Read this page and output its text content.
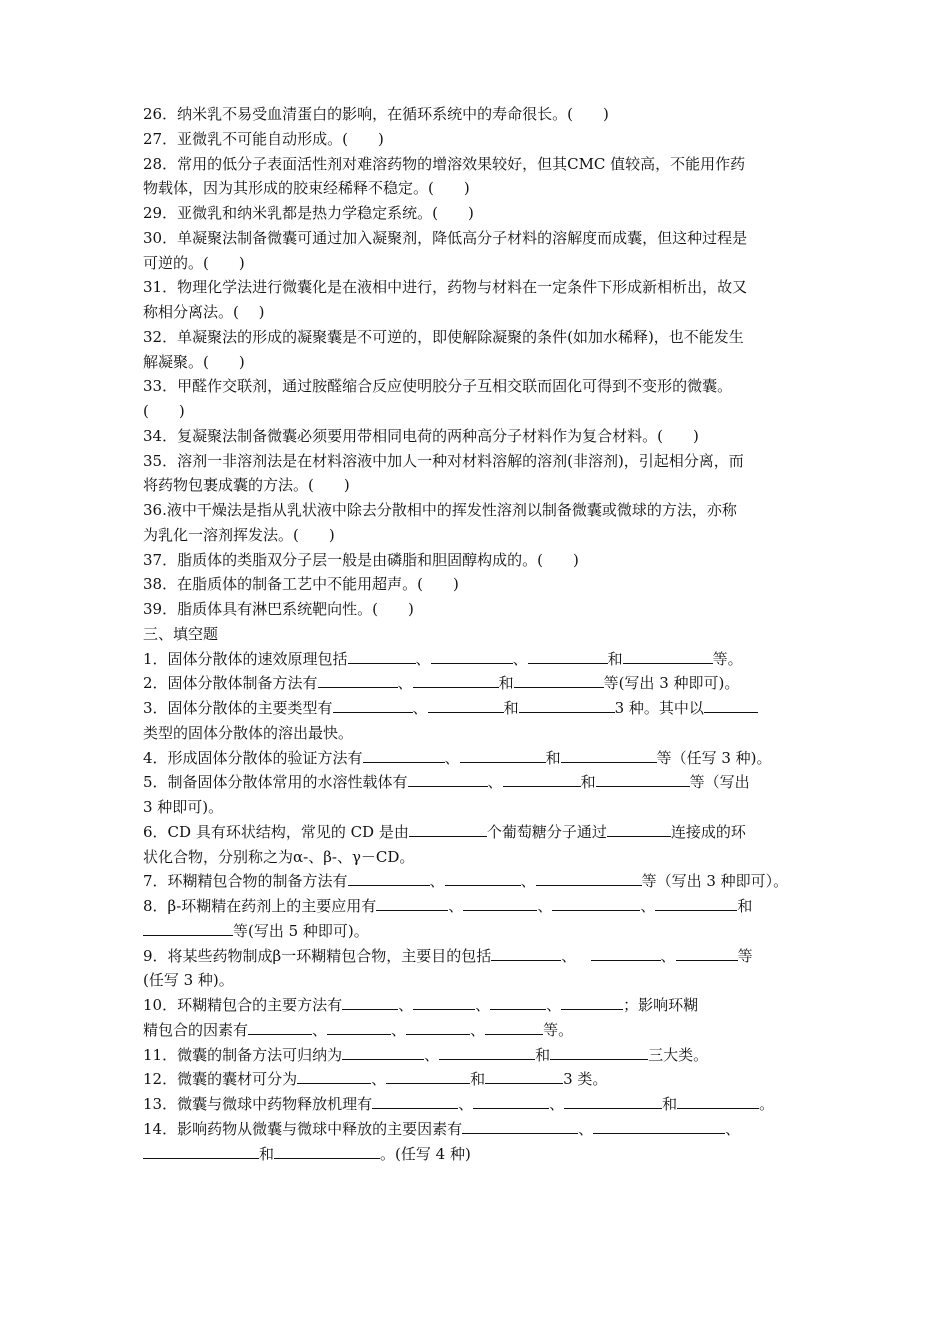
26．纳米乳不易受血清蛋白的影响，在循环系统中的寿命很长。(　　)
27．亚微乳不可能自动形成。(　　)
28．常用的低分子表面活性剂对难溶药物的增溶效果较好，但其CMC 值较高，不能用作药
物载体，因为其形成的胶束经稀释不稳定。(　　)
29．亚微乳和纳米乳都是热力学稳定系统。(　　)
30．单凝聚法制备微囊可通过加入凝聚剂，降低高分子材料的溶解度而成囊，但这种过程是
可逆的。(　　)
31．物理化学法进行微囊化是在液相中进行，药物与材料在一定条件下形成新相析出，故又
称相分离法。(　 )
32．单凝聚法的形成的凝聚囊是不可逆的，即使解除凝聚的条件(如加水稀释)，也不能发生
解凝聚。(　　)
33．甲醛作交联剂，通过胺醛缩合反应使明胶分子互相交联而固化可得到不变形的微囊。
(　　)
34．复凝聚法制备微囊必须要用带相同电荷的两种高分子材料作为复合材料。(　　)
35．溶剂一非溶剂法是在材料溶液中加人一种对材料溶解的溶剂(非溶剂)，引起相分离，而
将药物包裹成囊的方法。(　　)
36.液中干燥法是指从乳状液中除去分散相中的挥发性溶剂以制备微囊或微球的方法，亦称
为乳化一溶剂挥发法。(　　)
37．脂质体的类脂双分子层一般是由磷脂和胆固醇构成的。(　　)
38．在脂质体的制备工艺中不能用超声。(　　)
39．脂质体具有淋巴系统靶向性。(　　)
三、填空题
1．固体分散体的速效原理包括	、	、	和	等。
2．固体分散体制备方法有	、	和	等(写出 3 种即可)。
3．固体分散体的主要类型有	、	和	3 种。其中以
类型的固体分散体的溶出最快。
4．形成固体分散体的验证方法有	、	和	等（任写 3 种)。
5．制备固体分散体常用的水溶性载体有	、	和	等（写出
3 种即可)。
6．CD 具有环状结构，常见的 CD 是由	个葡萄糖分子通过	连接成的环
状化合物，分别称之为α-、β-、γ－CD。
7．环糊精包合物的制备方法有	、	、	等（写出 3 种即可）。
8．β-环糊精在药剂上的主要应用有	、	、	、	和
等(写出 5 种即可)。
9．将某些药物制成β一环糊精包合物，主要目的包括	、	、	等
(任写 3 种)。
10．环糊精包合的主要方法有	、	、	、	；影响环糊
精包合的因素有	、	、	、	等。
11．微囊的制备方法可归纳为	、	和	三大类。
12．微囊的囊材可分为	、	和	3 类。
13．微囊与微球中药物释放机理有	、	、	和	。
14．影响药物从微囊与微球中释放的主要因素有	、	、
和	。(任写 4 种)
